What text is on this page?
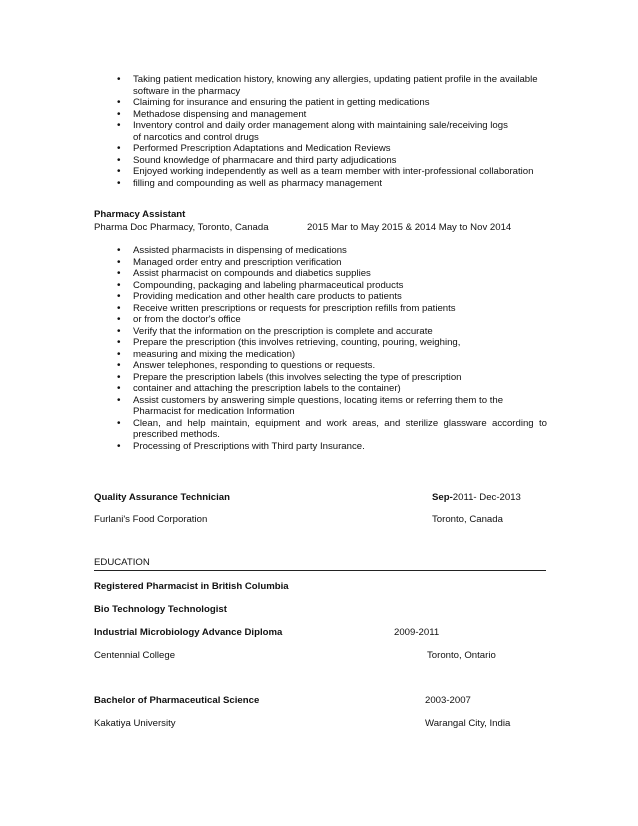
• Taking patient medication history, knowing any allergies, updating patient profile in the available software in the pharmacy
• Claiming for insurance and ensuring the patient in getting medications
• Methadose dispensing and management
• Inventory control and daily order management along with maintaining sale/receiving logs of narcotics and control drugs
• Performed Prescription Adaptations and Medication Reviews
• Sound knowledge of pharmacare and third party adjudications
• Enjoyed working independently as well as a team member with inter-professional collaboration
• filling and compounding as well as pharmacy management
Pharmacy Assistant
Pharma Doc Pharmacy, Toronto, Canada	2015 Mar to May 2015 & 2014 May to Nov 2014
• Assisted pharmacists in dispensing of medications
• Managed order entry and prescription verification
• Assist pharmacist on compounds and diabetics supplies
• Compounding, packaging and labeling pharmaceutical products
• Providing medication and other health care products to patients
• Receive written prescriptions or requests for prescription refills from patients
• or from the doctor's office
• Verify that the information on the prescription is complete and accurate
• Prepare the prescription (this involves retrieving, counting, pouring, weighing,
• measuring and mixing the medication)
• Answer telephones, responding to questions or requests.
• Prepare the prescription labels (this involves selecting the type of prescription
• container and attaching the prescription labels to the container)
• Assist customers by answering simple questions, locating items or referring them to the Pharmacist for medication Information
• Clean, and help maintain, equipment and work areas, and sterilize glassware according to prescribed methods.
• Processing of Prescriptions with Third party Insurance.
Quality Assurance Technician	Sep-2011- Dec-2013
Furlani's Food Corporation	Toronto, Canada
EDUCATION
Registered Pharmacist in British Columbia
Bio Technology Technologist
Industrial Microbiology Advance Diploma	2009-2011
Centennial College	Toronto, Ontario
Bachelor of Pharmaceutical Science	2003-2007
Kakatiya University	Warangal City, India
